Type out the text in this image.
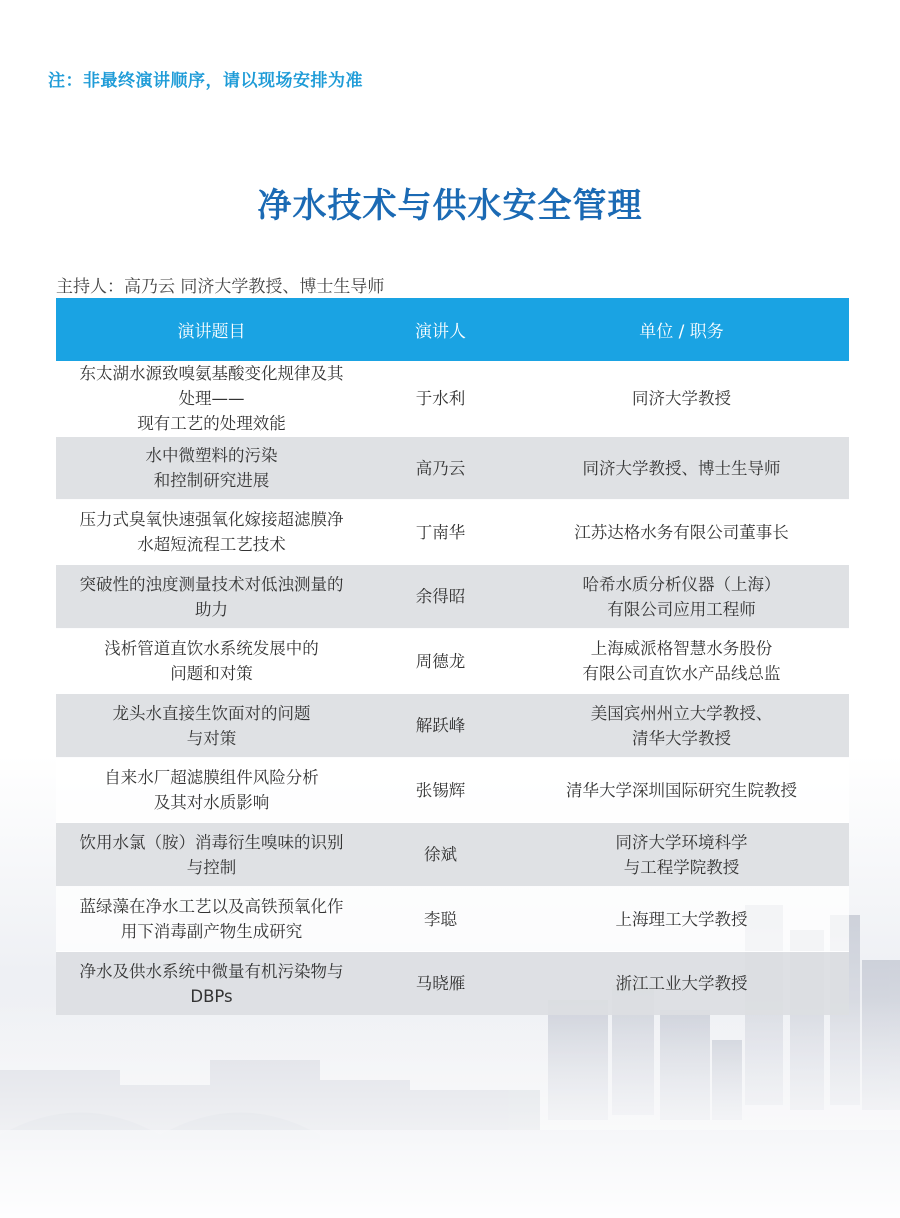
注：非最终演讲顺序，请以现场安排为准
净水技术与供水安全管理
主持人：高乃云 同济大学教授、博士生导师
演讲题目	演讲人	单位 / 职务

东太湖水源致嗅氨基酸变化规律及其
处理——
现有工艺的处理效能	于水利	同济大学教授

水中微塑料的污染
和控制研究进展	高乃云	同济大学教授、博士生导师

压力式臭氧快速强氧化嫁接超滤膜净
水超短流程工艺技术	丁南华	江苏达格水务有限公司董事长

突破性的浊度测量技术对低浊测量的
助力	余得昭	哈希水质分析仪器（上海）
有限公司应用工程师

浅析管道直饮水系统发展中的
问题和对策	周德龙	上海威派格智慧水务股份
有限公司直饮水产品线总监

龙头水直接生饮面对的问题
与对策	解跃峰	美国宾州州立大学教授、
清华大学教授

自来水厂超滤膜组件风险分析
及其对水质影响	张锡辉	清华大学深圳国际研究生院教授

饮用水氯（胺）消毒衍生嗅味的识别
与控制	徐斌	同济大学环境科学
与工程学院教授

蓝绿藻在净水工艺以及高铁预氧化作
用下消毒副产物生成研究	李聪	上海理工大学教授

净水及供水系统中微量有机污染物与
DBPs	马晓雁	浙江工业大学教授
